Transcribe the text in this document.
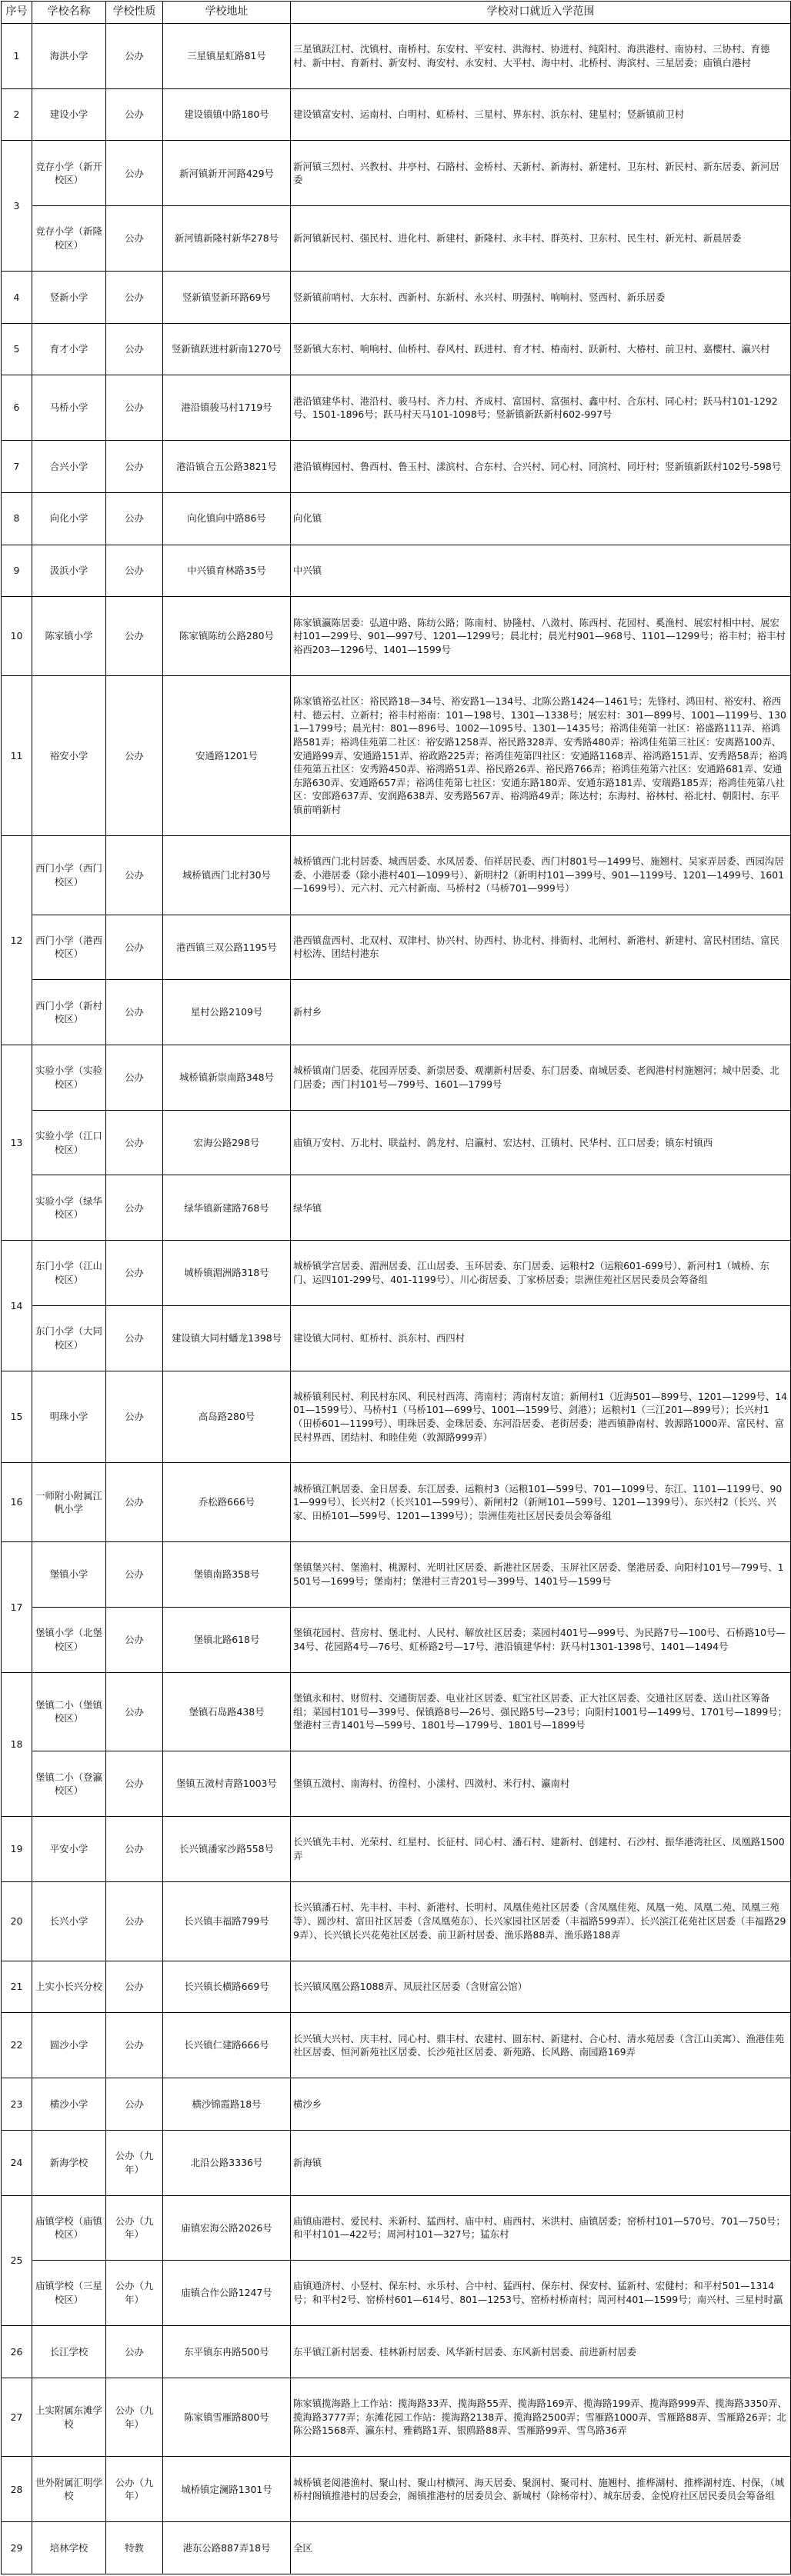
序号	学校名称	学校性质	学校地址	学校对口就近入学范围
1	海洪小学	公办	三星镇星虹路81号	三星镇跃江村、沈镇村、南桥村、东安村、平安村、洪海村、协进村、纯阳村、海洪港村、南协村、三协村、育德村、新中村、育新村、新安村、海安村、永安村、大平村、海中村、北桥村、海滨村、三星居委；庙镇白港村
2	建设小学	公办	建设镇镇中路180号	建设镇富安村、运南村、白明村、虹桥村、三星村、界东村、浜东村、建星村；竖新镇前卫村
3	竞存小学（新开校区）	公办	新河镇新开河路429号	新河镇三烈村、兴教村、井亭村、石路村、金桥村、天新村、新海村、新建村、卫东村、新民村、新东居委、新河居委
	竞存小学（新隆校区）	公办	新河镇新隆村新华278号	新河镇新民村、强民村、进化村、新建村、新隆村、永丰村、群英村、卫东村、民生村、新光村、新晨居委
4	竖新小学	公办	竖新镇竖新环路69号	竖新镇前哨村、大东村、西新村、东新村、永兴村、明强村、响响村、竖西村、新乐居委
5	育才小学	公办	竖新镇跃进村新南1270号	竖新镇大东村、响响村、仙桥村、春风村、跃进村、育才村、椿南村、跃新村、大椿村、前卫村、嘉樱村、瀛兴村
6	马桥小学	公办	港沿镇骏马村1719号	港沿镇建华村、港沿村、骏马村、齐力村、齐成村、富国村、富强村、鑫中村、合东村、同心村；跃马村101-1292号、1501-1896号；跃马村天马101-1098号；竖新镇新跃新村602-997号
7	合兴小学	公办	港沿镇合五公路3821号	港沿镇梅园村、鲁西村、鲁玉村、漾滨村、合东村、合兴村、同心村、同滨村、同圩村；竖新镇新跃村102号-598号
8	向化小学	公办	向化镇向中路86号	向化镇
9	汲浜小学	公办	中兴镇育林路35号	中兴镇
10	陈家镇小学	公办	陈家镇陈纺公路280号	陈家镇瀛陈居委：弘道中路、陈纺公路；陈南村、协隆村、八滧村、陈西村、花园村、奚渔村、展宏村相中村、展宏村101—299号、901—997号、1201—1299号；晨北村；晨光村901—968号、1101—1299号；裕丰村；裕丰村裕西203—1296号、1401—1599号
11	裕安小学	公办	安通路1201号	陈家镇裕弘社区：裕民路18—34号、裕安路1—134号、北陈公路1424—1461号；先锋村、鸿田村、裕安村、裕西村、德云村、立新村；裕丰村裕南：101—198号、1301—1338号；展宏村：301—899号、1001—1199号、1301—1799号；晨光村：801—896号、1002—1095号、1301—1435号；裕鸿佳苑第一社区：裕盛路111弄、裕鸿路581弄；裕鸿佳苑第二社区：裕安路1258弄、裕民路328弄、安秀路480弄；裕鸿佳苑第三社区：安离路100弄、安通路99弄、安通路151弄、裕政路225弄；裕鸿佳苑第四社区：安通路1168弄、裕鸿路151弄、安秀路58弄；裕鸿佳苑第五社区：安秀路450弄、裕鸿路51弄、裕民路26弄、裕民路766弄；裕鸿佳苑第六社区：安通路681弄、安通东路630弄、安通路657弄；裕鸿佳苑第七社区：安通东路180弄、安通东路181弄、安瑞路185弄；裕鸿佳苑第八社区：安郎路637弄、安润路638弄、安秀路567弄、裕鸿路49弄；陈达村；东海村、裕林村、裕北村、朝阳村、东平镇前哨新村
12	西门小学（西门校区）	公办	城桥镇西门北村30号	城桥镇西门北村居委、城西居委、水凤居委、佰祥居民委、西门村801号—1499号、施翘村、吴家弄居委、西园沟居委、小港居委（除小港村401—1099号）、新明村2（新明村101—399号、901—1199号、1201—1499号、1601—1699号）、元六村、元六村新南、马桥村2（马桥701—999号）
	西门小学（港西校区）	公办	港西镇三双公路1195号	港西镇盘西村、北双村、双津村、协兴村、协西村、协北村、排衙村、北闸村、新港村、新建村、富民村团结、富民村松涛、团结村港东
	西门小学（新村校区）	公办	星村公路2109号	新村乡
13	实验小学（实验校区）	公办	城桥镇新崇南路348号	城桥镇南门居委、花园弄居委、新崇居委、观潮新村居委、东门居委、南城居委、老阀港村村施翘河；城中居委、北门居委；西门村101号—799号、1601—1799号
	实验小学（江口校区）	公办	宏海公路298号	庙镇万安村、万北村、联益村、鸽龙村、启瀛村、宏达村、江镇村、民华村、江口居委；镇东村镇西
	实验小学（绿华校区）	公办	绿华镇新建路768号	绿华镇
14	东门小学（江山校区）	公办	城桥镇湄洲路318号	城桥镇学宫居委、湄洲居委、江山居委、玉环居委、东门居委、运粮村2（运粮601-699号）、新河村1（城桥、东门、运四101-299号、401-1199号）、川心街居委、丁家桥居委；崇洲佳苑社区居民委员会筹备组
	东门小学（大同校区）	公办	建设镇大同村蟠龙1398号	建设镇大同村、虹桥村、浜东村、西四村
15	明珠小学	公办	高岛路280号	城桥镇利民村、利民村东风、利民村西湾、湾南村；湾南村友谊；新闸村1（近海501—899号、1201—1299号、1401—1599号）、马桥村1（马桥101—699号、1001—1599号、剑港）；运粮村1（三江201—899号）；长兴村1（田桥601—1199号）、明珠居委、金珠居委、东河沿居委、老街居委；港西镇静南村、敦源路1000弄、富民村、富民村界西、团结村、和睦佳苑（敦源路999弄）
16	一师附小附属江帆小学	公办	乔松路666号	城桥镇江帆居委、金日居委、东江居委、运粮村3（运粮101—599号、701—1099号、东江、1101—1199号、901—999号）、长兴村2（长兴101—599号）、新闸村2（新闸101—599号、1201—1399号）、东兴村2（长兴、兴家、田桥101—599号、1201—1399号）；崇洲佳苑社区居民委员会筹备组
17	堡镇小学	公办	堡镇南路358号	堡镇堡兴村、堡渔村、桃源村、光明社区居委、新港社区居委、玉屏社区居委、堡港居委、向阳村101号—799号、1501号—1699号；堡南村；堡港村三青201号—399号、1401号—1599号
	堡镇小学（北堡校区）	公办	堡镇北路618号	堡镇花园村、营房村、堡北村、人民村、解放社区居委；菜园村401号—999号、为民路7号—100号、石桥路10号—34号、花园路4号—76号、虹桥路2号—17号、港沿镇建华村：跃马村1301-1398号、1401—1494号
18	堡镇二小（堡镇校区）	公办	堡镇石岛路438号	堡镇永和村、财贸村、交通街居委、电业社区居委、虹宝社区居委、正大社区居委、交通社区居委、送山社区筹备组；菜园村101号—399号、保镇路8号—26号、强民路5号—23号；向阳村1001号—1499号、1701号—1899号；堡港村三青1401号—599号、1801号—1799号、1801号—1899号
	堡镇二小（登瀛校区）	公办	堡镇五滧村青路1003号	堡镇五滧村、南海村、彷徨村、小漾村、四滧村、米行村、瀛南村
19	平安小学	公办	长兴镇潘家沙路558号	长兴镇先丰村、光荣村、红星村、长征村、同心村、潘石村、建新村、创建村、石沙村、振华港湾社区、凤凰路1500弄
20	长兴小学	公办	长兴镇丰福路799号	长兴镇潘石村、先丰村、丰村、新港村、长明村、凤凰佳苑社区居委（含凤凰佳苑、凤凰一苑、凤凰二苑、凤凰三苑等）、圆沙村、富田社区居委（含凤凰苑东）、长兴家园社区居委（丰福路599弄）、长兴滨江花苑社区居委（丰福路299弄）、长兴镇长兴花苑社区居委、前卫新村居委、渔乐路88弄、渔乐路188弄
21	上实小长兴分校	公办	长兴镇长横路669号	长兴镇凤凰公路1088弄、凤辰社区居委（含财富公馆）
22	圆沙小学	公办	长兴镇仁建路666号	长兴镇大兴村、庆丰村、同心村、鼎丰村、农建村、圆东村、新建村、合心村、清水苑居委（含江山美寓）、渔港佳苑社区居委、恒河新苑社区居委、长沙苑社区居委、新苑路、长风路、南园路169弄
23	横沙小学	公办	横沙锦霞路18号	横沙乡
24	新海学校	公办（九年）	北沿公路3336号	新海镇
25	庙镇学校（庙镇校区）	公办（九年）	庙镇宏海公路2026号	庙镇庙港村、爱民村、米新村、猛西村、庙中村、庙西村、米洪村、庙镇居委；窑桥村101—570号、701—750号；和平村101—422号；周河村101—327号；猛东村
	庙镇学校（三星校区）	公办（九年）	庙镇合作公路1247号	庙镇通济村、小竖村、保东村、永乐村、合中村、猛西村、保东村、保安村、猛新村、宏健村；和平村501—1314号；和平村2号、窑桥村601—614号、801—1253号、窑桥村桥南村；周河村401—1599号；南兴村、三星村时羸
26	长江学校	公办	东平镇东冉路500号	东平镇江新村居委、桂林新村居委、风华新村居委、东风新村居委、前进新村居委
27	上实附属东滩学校	公办（九年）	陈家镇雪雁路800号	陈家镇揽海路上工作站：揽海路33弄、揽海路55弄、揽海路169弄、揽海路199弄、揽海路999弄、揽海路3350弄、揽海路3777弄；东滩花园工作站：揽海路2138弄、揽海路2500弄；雪雁路1000弄、雪雁路88弄、雪雁路26弄；北陈公路1568弄、瀛东村、雅鹤路1弄、银鸥路88弄、雪雁路99弄、雪鸟路36弄
28	世外附属汇明学校	公办（九年）	城桥镇定澜路1301号	城桥镇老阅港渔村、聚山村、聚山村横河、海天居委、聚润村、聚司村、施翘村、推桦湖村、推桦湖村连、村保，（城桥村阁镇推港村的居委会，阁镇推港村的居委员会、新城村（除杨帝村）、城东居委、金悦府社区居民委员会筹备组
29	培林学校	特教	港东公路887弄18号	全区
